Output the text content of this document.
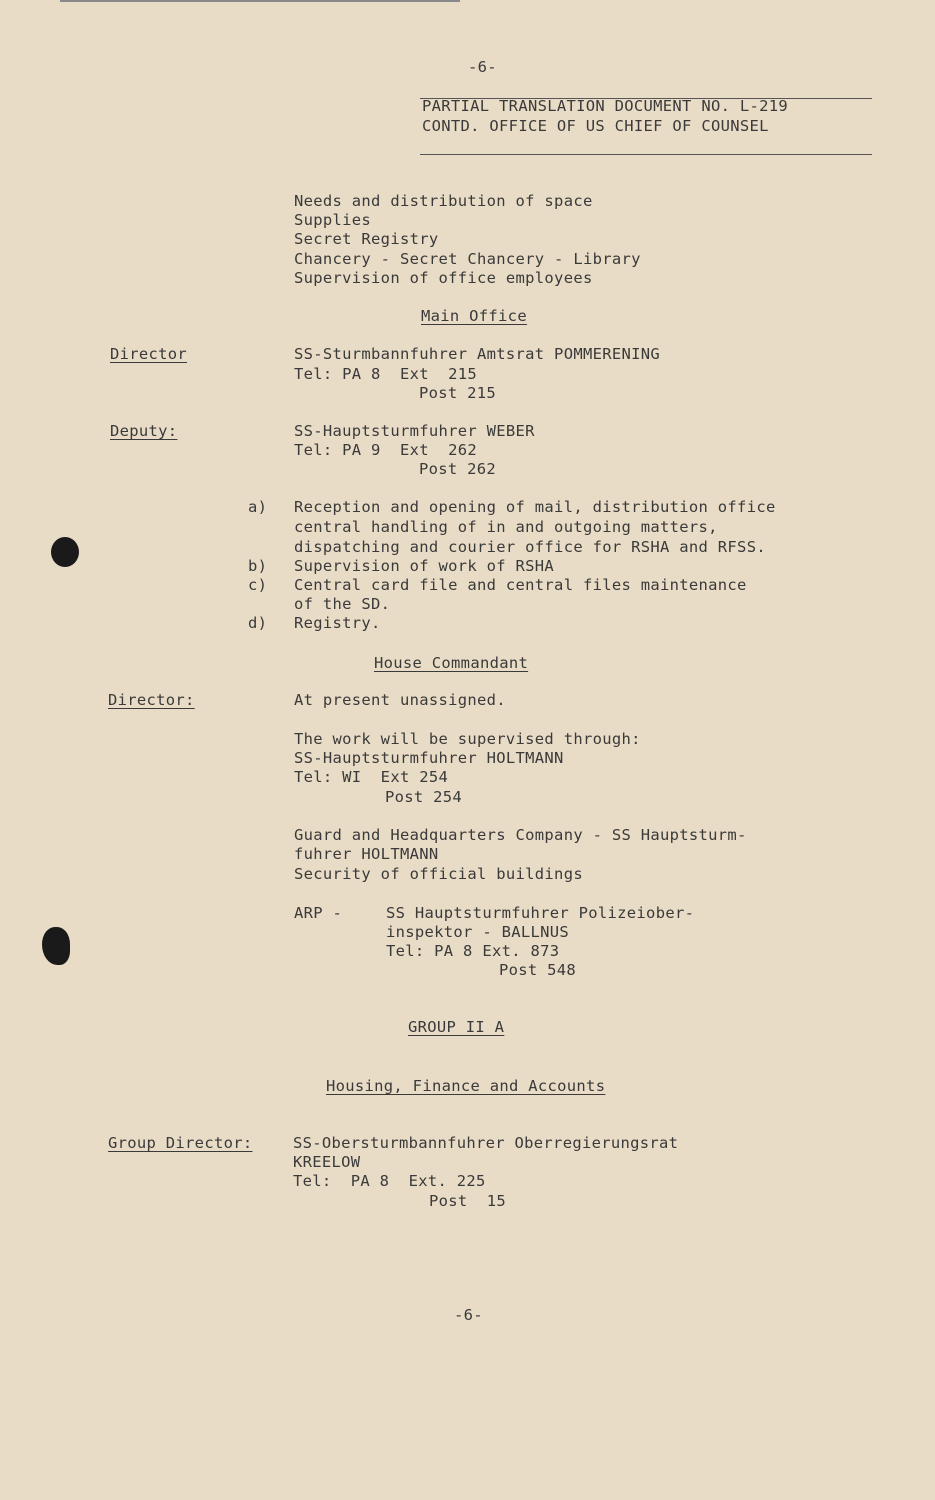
-6-
PARTIAL TRANSLATION DOCUMENT NO. L-219
CONTD. OFFICE OF US CHIEF OF COUNSEL
Needs and distribution of space
Supplies
Secret Registry
Chancery - Secret Chancery - Library
Supervision of office employees
Main Office
Director	SS-Sturmbannfuhrer Amtsrat POMMERENING
Tel: PA 8  Ext  215
Post 215
Deputy:	SS-Hauptsturmfuhrer WEBER
Tel: PA 9  Ext  262
Post 262
a) Reception and opening of mail, distribution office
central handling of in and outgoing matters,
dispatching and courier office for RSHA and RFSS.
b) Supervision of work of RSHA
c) Central card file and central files maintenance
of the SD.
d) Registry.
House Commandant
Director:	At present unassigned.
The work will be supervised through:
SS-Hauptsturmfuhrer HOLTMANN
Tel: WI  Ext 254
Post 254
Guard and Headquarters Company - SS Hauptsturm-
fuhrer HOLTMANN
Security of official buildings
ARP -	SS Hauptsturmfuhrer Polizeiober-
inspektor - BALLNUS
Tel: PA 8 Ext. 873
Post 548
GROUP II A
Housing, Finance and Accounts
Group Director:	SS-Obersturmbannfuhrer Oberregierungsrat
KREELOW
Tel:  PA 8  Ext. 225
Post  15
-6-
